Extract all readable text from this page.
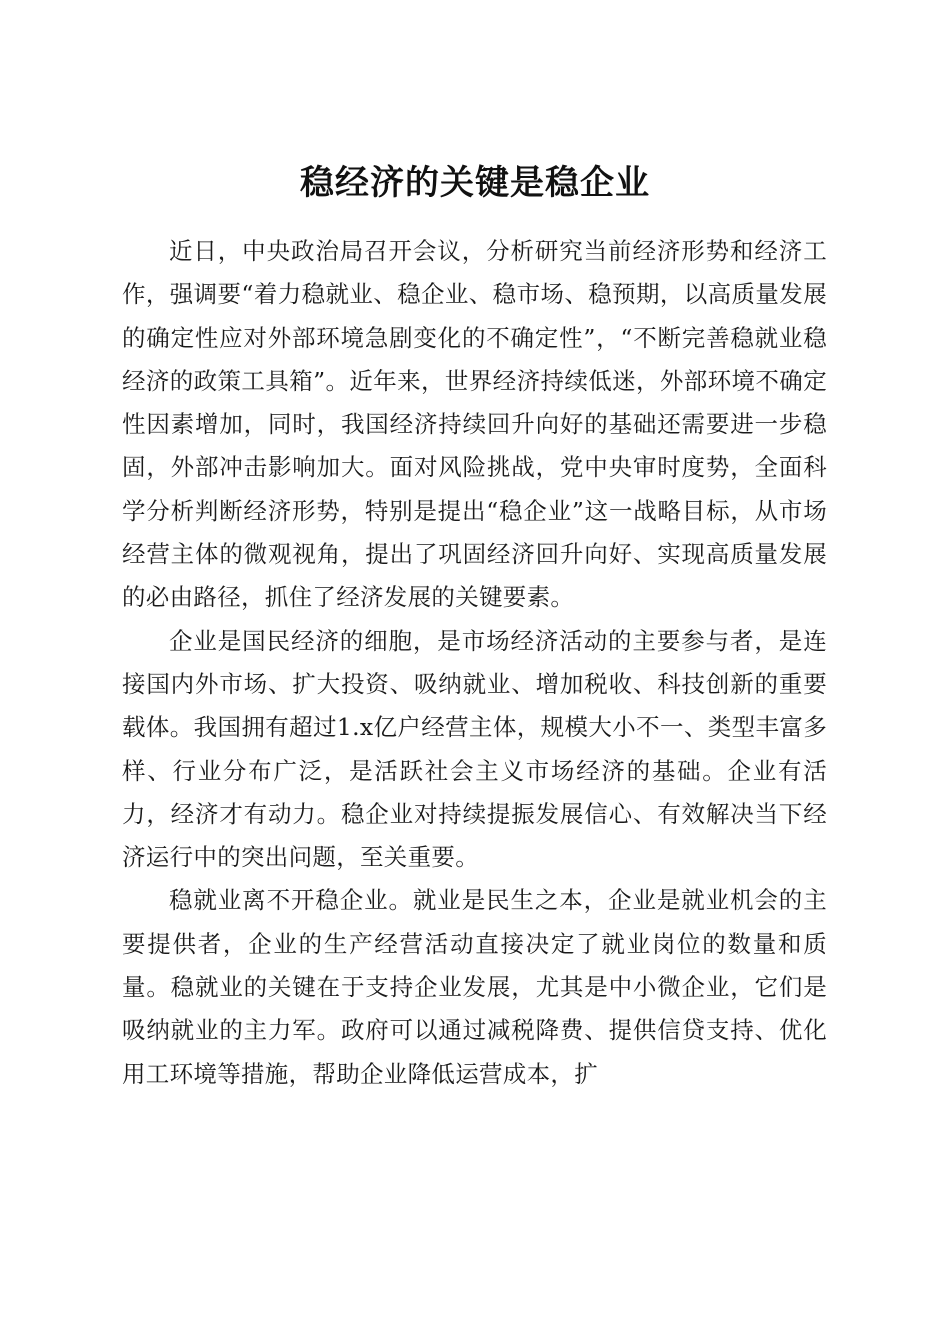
稳经济的关键是稳企业

近日，中央政治局召开会议，分析研究当前经济形势和经济工作，强调要“着力稳就业、稳企业、稳市场、稳预期，以高质量发展的确定性应对外部环境急剧变化的不确定性”，“不断完善稳就业稳经济的政策工具箱”。近年来，世界经济持续低迷，外部环境不确定性因素增加，同时，我国经济持续回升向好的基础还需要进一步稳固，外部冲击影响加大。面对风险挑战，党中央审时度势，全面科学分析判断经济形势，特别是提出“稳企业”这一战略目标，从市场经营主体的微观视角，提出了巩固经济回升向好、实现高质量发展的必由路径，抓住了经济发展的关键要素。

企业是国民经济的细胞，是市场经济活动的主要参与者，是连接国内外市场、扩大投资、吸纳就业、增加税收、科技创新的重要载体。我国拥有超过1.x亿户经营主体，规模大小不一、类型丰富多样、行业分布广泛，是活跃社会主义市场经济的基础。企业有活力，经济才有动力。稳企业对持续提振发展信心、有效解决当下经济运行中的突出问题，至关重要。

稳就业离不开稳企业。就业是民生之本，企业是就业机会的主要提供者，企业的生产经营活动直接决定了就业岗位的数量和质量。稳就业的关键在于支持企业发展，尤其是中小微企业，它们是吸纳就业的主力军。政府可以通过减税降费、提供信贷支持、优化用工环境等措施，帮助企业降低运营成本，扩
